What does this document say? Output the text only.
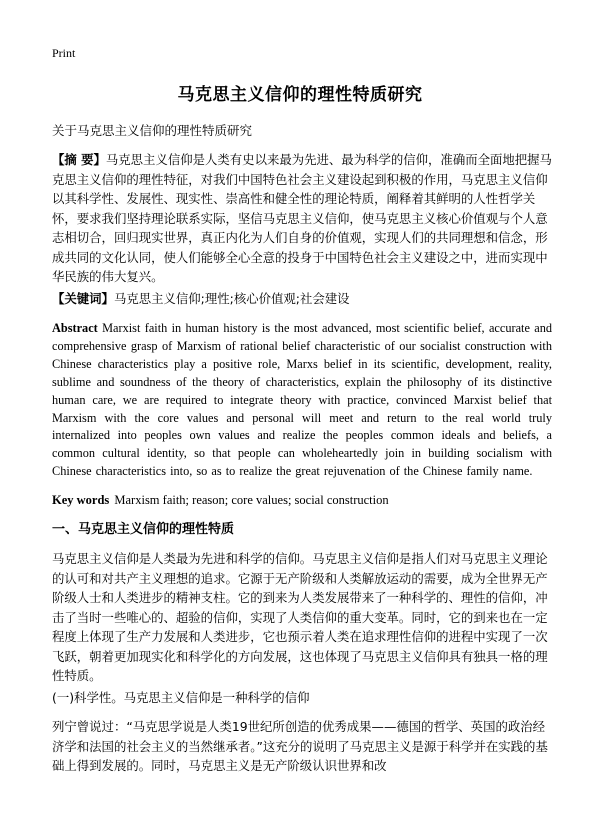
Print
马克思主义信仰的理性特质研究
关于马克思主义信仰的理性特质研究
【摘 要】马克思主义信仰是人类有史以来最为先进、最为科学的信仰，准确而全面地把握马克思主义信仰的理性特征，对我们中国特色社会主义建设起到积极的作用，马克思主义信仰以其科学性、发展性、现实性、崇高性和健全性的理论特质，阐释着其鲜明的人性哲学关怀，要求我们坚持理论联系实际，坚信马克思主义信仰，使马克思主义核心价值观与个人意志相切合，回归现实世界，真正内化为人们自身的价值观，实现人们的共同理想和信念，形成共同的文化认同，使人们能够全心全意的投身于中国特色社会主义建设之中，进而实现中华民族的伟大复兴。
【关键词】马克思主义信仰;理性;核心价值观;社会建设
Abstract Marxist faith in human history is the most advanced, most scientific belief, accurate and comprehensive grasp of Marxism of rational belief characteristic of our socialist construction with Chinese characteristics play a positive role, Marxs belief in its scientific, development, reality, sublime and soundness of the theory of characteristics, explain the philosophy of its distinctive human care, we are required to integrate theory with practice, convinced Marxist belief that Marxism with the core values and personal will meet and return to the real world truly internalized into peoples own values and realize the peoples common ideals and beliefs, a common cultural identity, so that people can wholeheartedly join in building socialism with Chinese characteristics into, so as to realize the great rejuvenation of the Chinese family name.
Key words Marxism faith; reason; core values; social construction
一、马克思主义信仰的理性特质
马克思主义信仰是人类最为先进和科学的信仰。马克思主义信仰是指人们对马克思主义理论的认可和对共产主义理想的追求。它源于无产阶级和人类解放运动的需要，成为全世界无产阶级人士和人类进步的精神支柱。它的到来为人类发展带来了一种科学的、理性的信仰，冲击了当时一些唯心的、超验的信仰，实现了人类信仰的重大变革。同时，它的到来也在一定程度上体现了生产力发展和人类进步，它也预示着人类在追求理性信仰的进程中实现了一次飞跃，朝着更加现实化和科学化的方向发展，这也体现了马克思主义信仰具有独具一格的理性特质。
(一)科学性。马克思主义信仰是一种科学的信仰
列宁曾说过：“马克思学说是人类19世纪所创造的优秀成果——德国的哲学、英国的政治经济学和法国的社会主义的当然继承者。”这充分的说明了马克思主义是源于科学并在实践的基础上得到发展的。同时，马克思主义是无产阶级认识世界和改
